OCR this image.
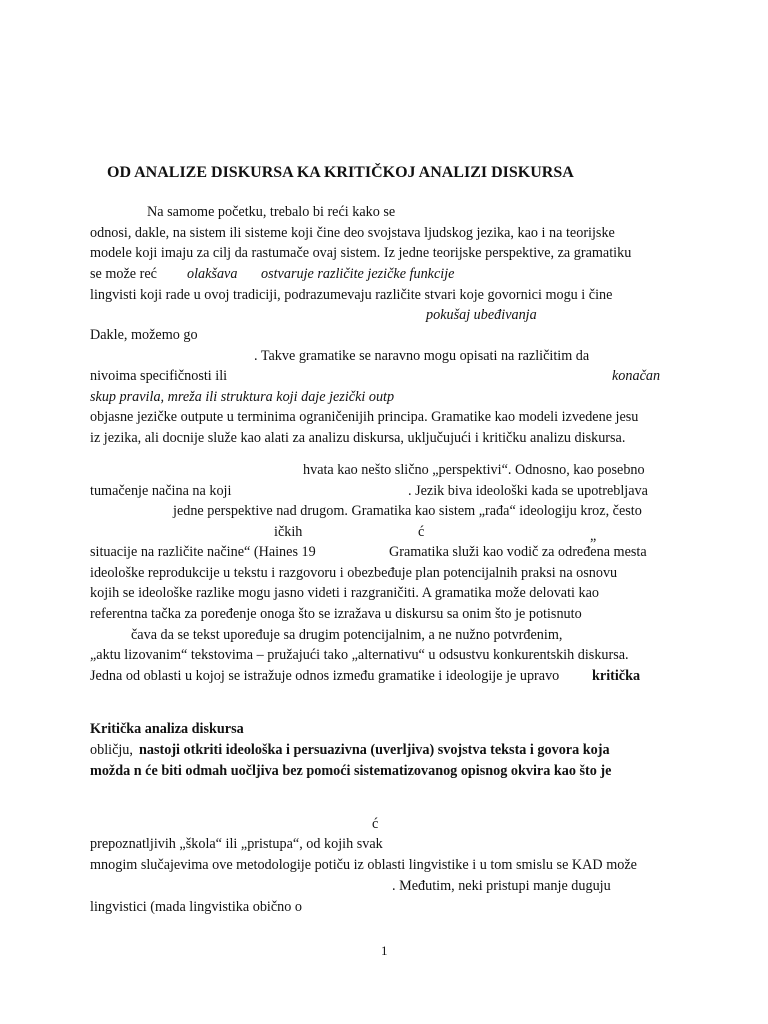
OD ANALIZE DISKURSA KA KRITIČKOJ ANALIZI DISKURSA
Na samome početku, trebalo bi reći kako se
odnosi, dakle, na sistem ili sisteme koji čine deo svojstava ljudskog jezika, kao i na teorijske
modele koji imaju za cilj da rastumače ovaj sistem. Iz jedne teorijske perspektive, za gramatiku
se može reć olakšava ostvaruje različite jezičke funkcije
lingvisti koji rade u ovoj tradiciji, podrazumevaju različite stvari koje govornici mogu i čine
pokušaj ubeđivanja
Dakle, možemo go
. Takve gramatike se naravno mogu opisati na različitim da
nivoima specifičnosti ili	konačan
skup pravila, mreža ili struktura koji daje jezički outp
objasne jezičke outpute u terminima ograničenijih principa. Gramatike kao modeli izvedene jesu
iz jezika, ali docnije služe kao alati za analizu diskursa, uključujući i kritičku analizu diskursa.
hvata kao nešto slično „perspektivi“. Odnosno, kao posebno
tumačenje načina na koji	. Jezik biva ideološki kada se upotrebljava
jedne perspektive nad drugom. Gramatika kao sistem „rađa“ ideologiju kroz, često
ičkih	ć	„
situacije na različite načine“ (Haines 19	Gramatika služi kao vodič za određena mesta
ideološke reprodukcije u tekstu i razgovoru i obezbeđuje plan potencijalnih praksi na osnovu
kojih se ideološke razlike mogu jasno videti i razgraničiti. A gramatika može delovati kao
referentna tačka za poređenje onoga što se izražava u diskursu sa onim što je potisnuto
čava da se tekst upoređuje sa drugim potencijalnim, a ne nužno potvrđenim,
„aktu lizovanim“ tekstovima – pružajući tako „alternativu“ u odsustvu konkurentskih diskursa.
Jedna od oblasti u kojoj se istražuje odnos između gramatike i ideologije je upravo kritička
Kritička analiza diskursa
obličju, nastoji otkriti ideološka i persuazivna (uverljiva) svojstva teksta i govora koja
možda n će biti odmah uočljiva bez pomoći sistematizovanog opisnog okvira kao što je
ć
prepoznatljivih „škola“ ili „pristupa“, od kojih svak
mnogim slučajevima ove metodologije potiču iz oblasti lingvistike i u tom smislu se KAD može
. Međutim, neki pristupi manje duguju
lingvistici (mada lingvistika obično o
1
